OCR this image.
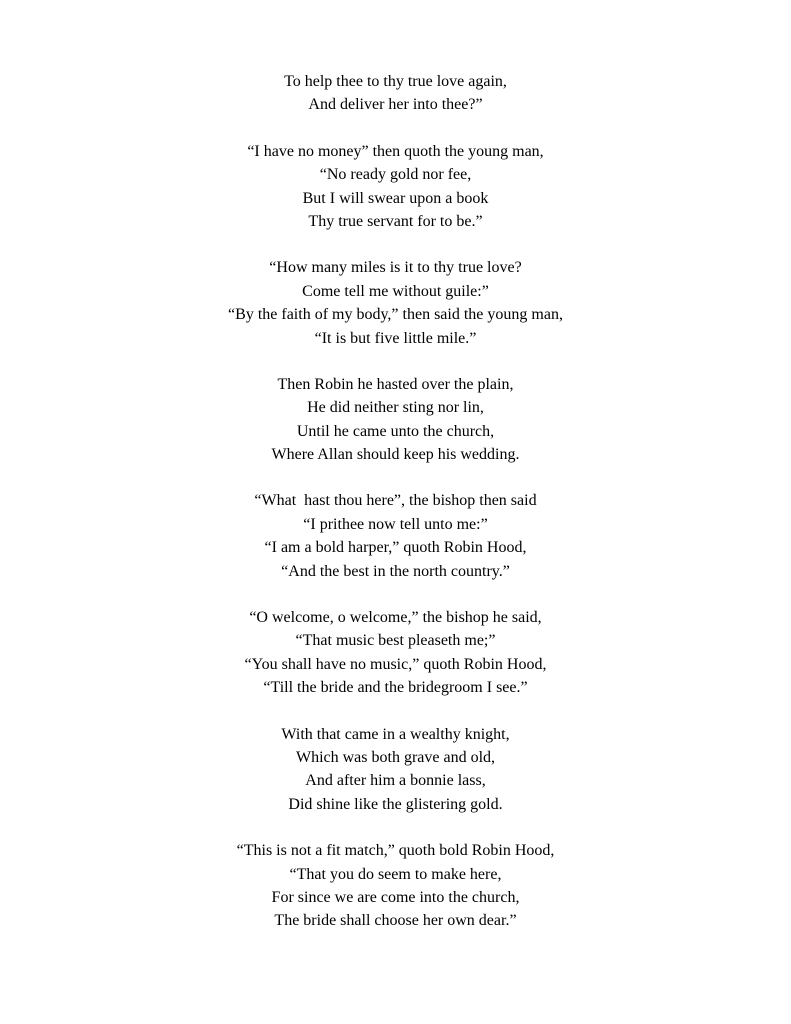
To help thee to thy true love again,
And deliver her into thee?”
“I have no money” then quoth the young man,
“No ready gold nor fee,
But I will swear upon a book
Thy true servant for to be.”
“How many miles is it to thy true love?
Come tell me without guile:”
“By the faith of my body,” then said the young man,
“It is but five little mile.”
Then Robin he hasted over the plain,
He did neither sting nor lin,
Until he came unto the church,
Where Allan should keep his wedding.
“What  hast thou here”, the bishop then said
“I prithee now tell unto me:”
“I am a bold harper,” quoth Robin Hood,
“And the best in the north country.”
“O welcome, o welcome,” the bishop he said,
“That music best pleaseth me;”
“You shall have no music,” quoth Robin Hood,
“Till the bride and the bridegroom I see.”
With that came in a wealthy knight,
Which was both grave and old,
And after him a bonnie lass,
Did shine like the glistering gold.
“This is not a fit match,” quoth bold Robin Hood,
“That you do seem to make here,
For since we are come into the church,
The bride shall choose her own dear.”
